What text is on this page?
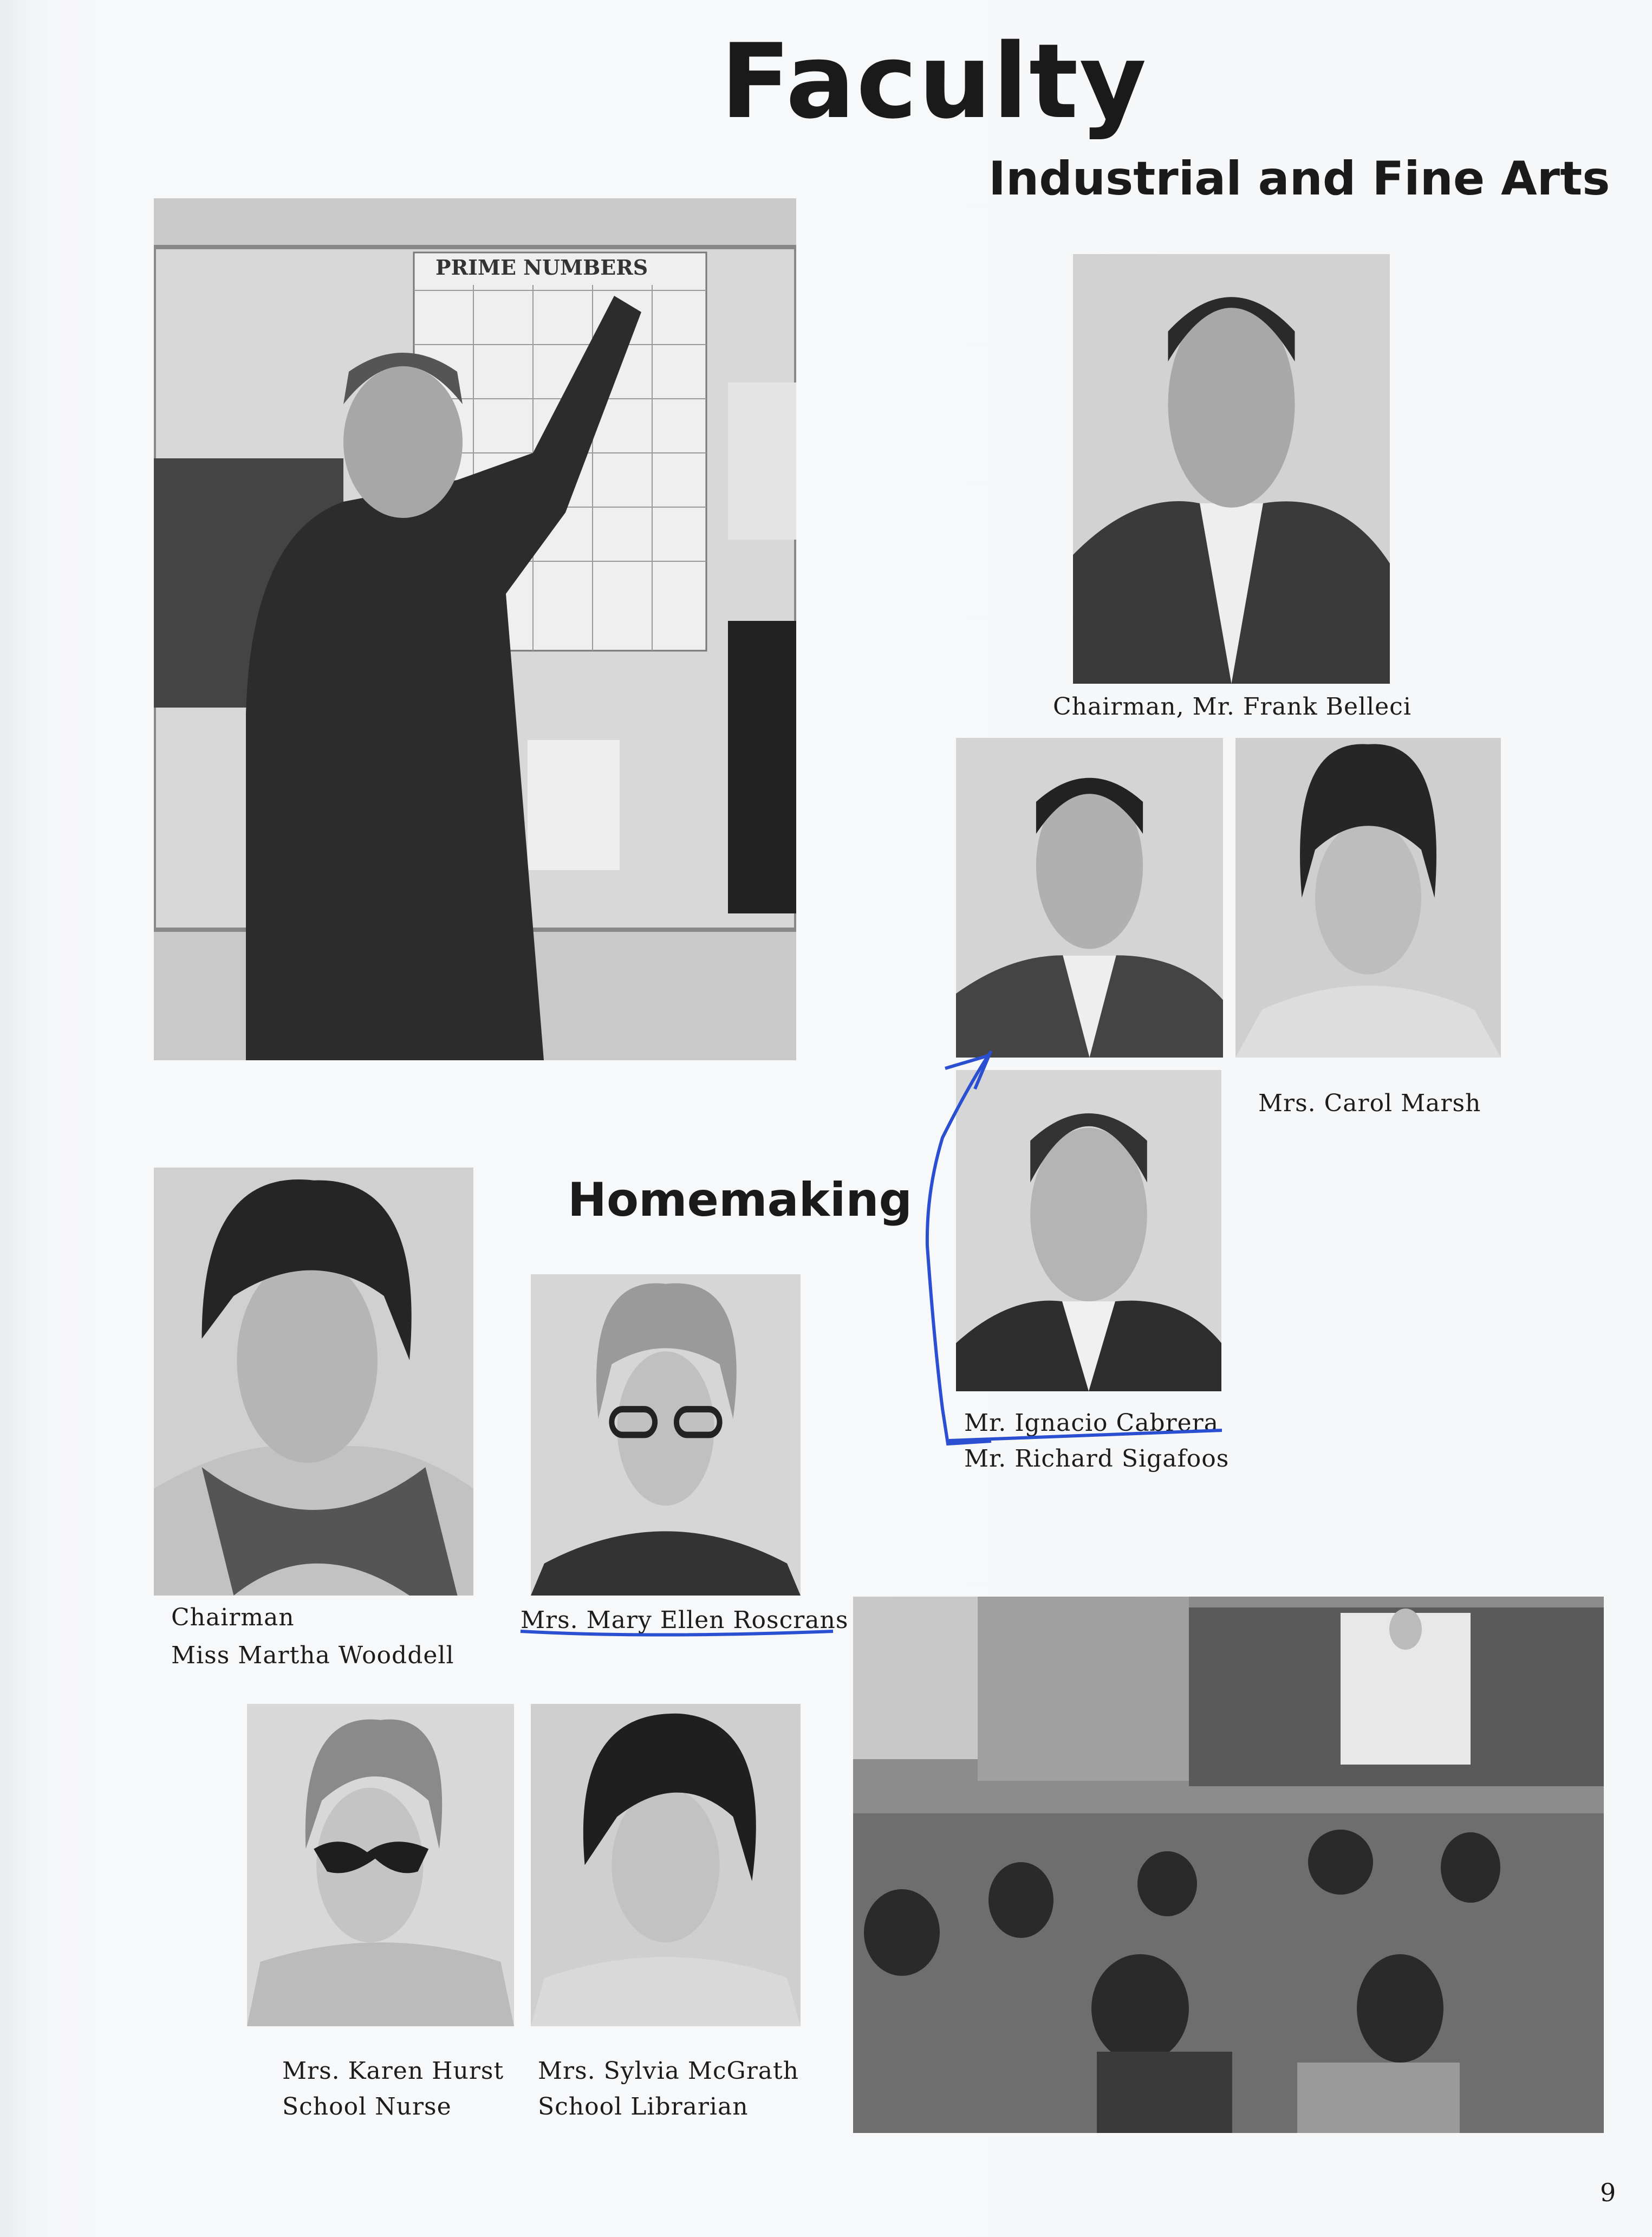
Faculty
Industrial and Fine Arts
PRIME NUMBERS
Chairman, Mr. Frank Belleci
Mrs. Carol Marsh
Mr. Ignacio Cabrera
Mr. Richard Sigafoos
Homemaking
Chairman
Miss Martha Wooddell
Mrs. Mary Ellen Roscrans
Mrs. Karen Hurst
School Nurse
Mrs. Sylvia McGrath
School Librarian
9
